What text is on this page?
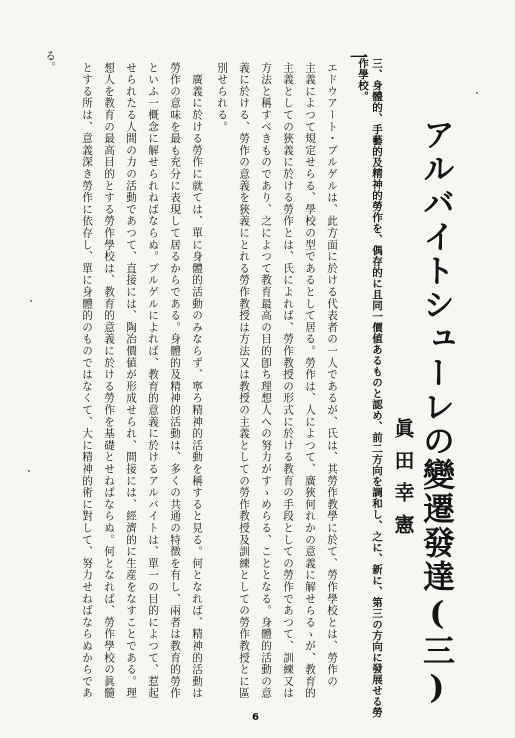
アルバイトシューレの變遷發達(三)
眞田幸憲
三、身體的、手藝的及精神的勞作を、偶存的に且同一價値あるものと認め、前二方向を調和し、之に、新に、第三の方向に發展せる勞
作學校。
一
エドウアート・ブルゲルは、此方面に於ける代表者の一人であるが、氏は、其勞作教學に於て、勞作學校とは、勞作の
主義によつて規定せらる、學校の型であるとして居る。勞作は、人によつて、廣狹何れかの意義に解せらるゝが、教育的
主義としての狹義に於ける勞作とは、氏によれば、勞作教授の形式に於ける教育の手段としての勞作であつて、訓練又は
方法と稱すべきものであり、之によつて教育最高の目的卽ち理想人への努力がすゝめらる、こととなる。身體的活動の意
義に於ける、勞作の意義を狹義にとれる勞作教授は方法又は教授の主義としての勞作教授及訓練としての勞作教授とに區
別せられる。
　廣義に於ける勞作に就ては、單に身體的活動のみならず、寧ろ精神的活動を稱すると見る。何となれば、精神的活動は
勞作の意味を最も充分に表現して居るからである。身體的及精神的活動は、多くの共通の特徴を有し、兩者は教育的勞作
といふ一概念に解せられねばならぬ。ブルゲルによれば、教育的意義に於けるアルバイトは、單一の目的によつて、惹起
せられたる人間の力の活動であつて、直接には、陶冶價値が形成せられ、間接には、經濟的に生産をなすことである。理
想人を教育の最高目的とする勞作學校は、教育的意義に於ける勞作を基礎とせねばならぬ。何となれば、勞作學校の眞髓
とする所は、意義深き勞作に依存し、單に身體的のものではなくて、大に精神的術に對して、努力せねばならぬからであ
る。
6
